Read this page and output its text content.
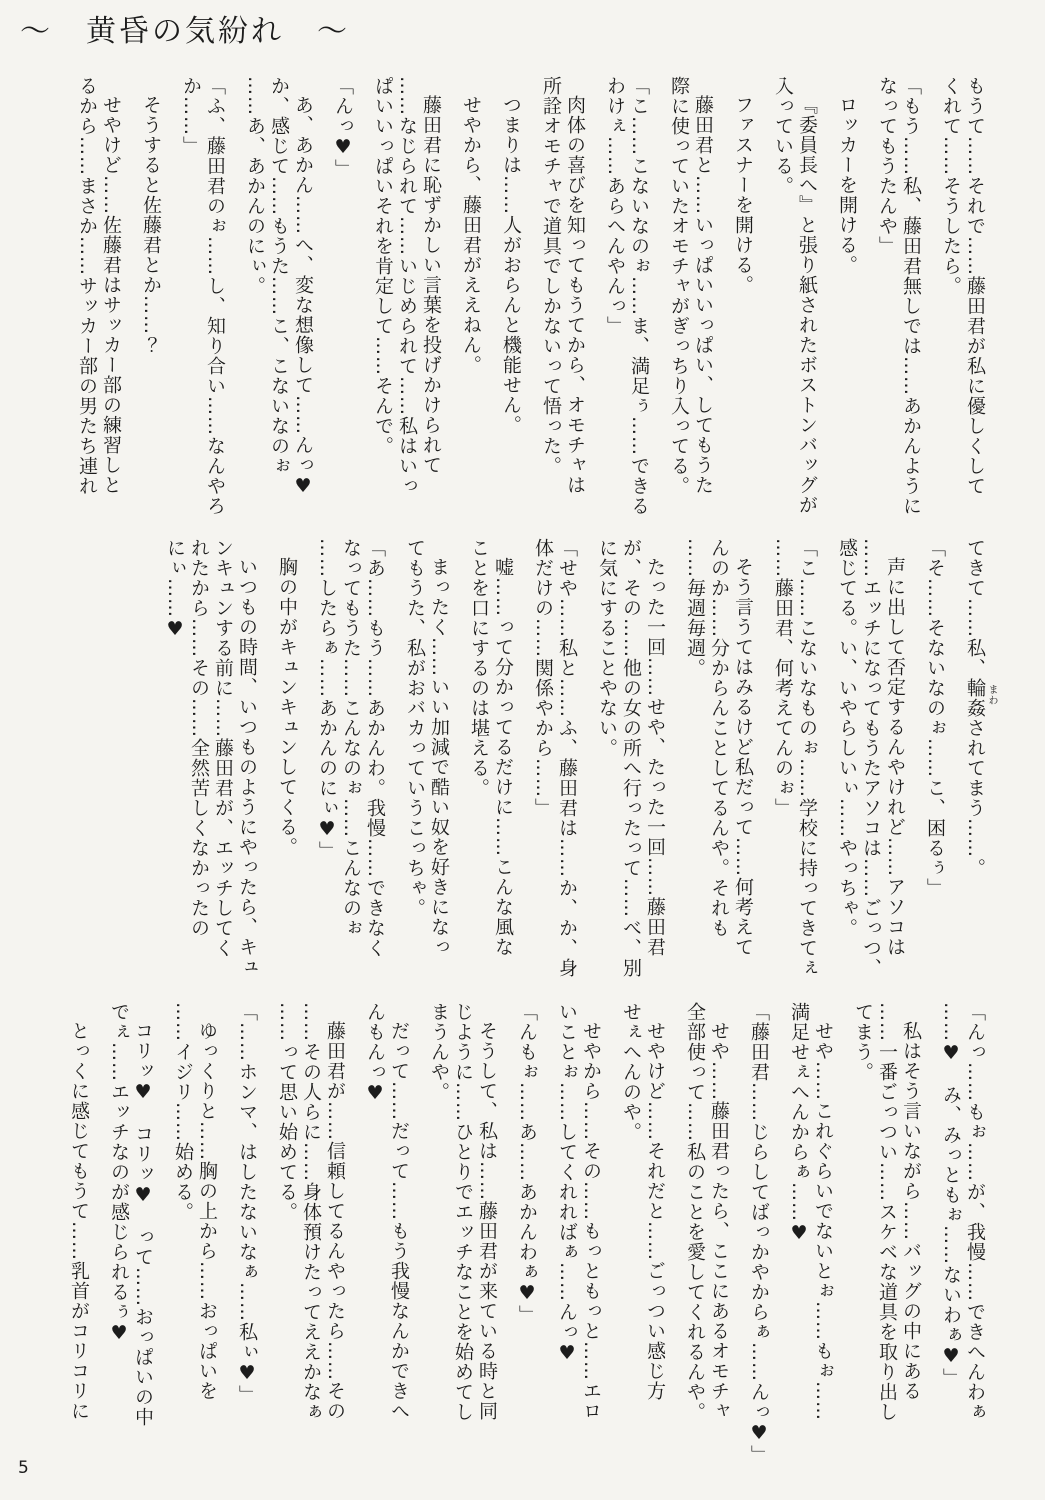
～　黄昏の気紛れ　～
もうて……それで……藤田君が私に優しくして
くれて……そうしたら。
「もう……私、藤田君無しでは……あかんように
なってもうたんや」
ロッカーを開ける。
『委員長へ』と張り紙されたボストンバッグが
入っている。
ファスナーを開ける。
藤田君と……いっぱいいっぱい、してもうた
際に使っていたオモチャがぎっちり入ってる。
「こ……こないなのぉ……ま、満足ぅ……できる
わけぇ……あらへんやんっ」
肉体の喜びを知ってもうてから、オモチャは
所詮オモチャで道具でしかないって悟った。
つまりは……人がおらんと機能せん。
せやから、藤田君がええねん。
藤田君に恥ずかしい言葉を投げかけられて
……なじられて……いじめられて……私はいっ
ぱいいっぱいそれを肯定して……そんで。
「んっ♥」
あ、あかん……へ、変な想像して……んっ♥
か、感じて……もうた……こ、こないなのぉ
……あ、あかんのにぃ。
「ふ、藤田君のぉ……し、知り合い……なんやろ
か……」
そうすると佐藤君とか……？
せやけど……佐藤君はサッカー部の練習しと
るから……まさか……サッカー部の男たち連れ
てきて……私、輪姦されてまう……。
「そ……そないなのぉ……こ、困るぅ」
声に出して否定するんやけれど……アソコは
……エッチになってもうたアソコは……ごっつ、
感じてる。い、いやらしいぃ……やっちゃ。
「こ……こないなものぉ……学校に持ってきてぇ
……藤田君、何考えてんのぉ」
そう言うてはみるけど私だって……何考えて
んのか……分からんことしてるんや。それも
……毎週毎週。
たった一回……せや、たった一回……藤田君
が、その……他の女の所へ行ったって……べ、別
に気にすることやない。
「せや……私と……ふ、藤田君は……か、か、身
体だけの……関係やから……」
嘘……って分かってるだけに……こんな風な
ことを口にするのは堪える。
まったく……いい加減で酷い奴を好きになっ
てもうた、私がおバカっていうこっちゃ。
「あ……もう……あかんわ。我慢……できなく
なってもうた……こんなのぉ……こんなのぉ
……したらぁ……あかんのにぃ♥」
胸の中がキュンキュンしてくる。
いつもの時間、いつものようにやったら、キュ
ンキュンする前に……藤田君が、エッチしてく
れたから……その……全然苦しくなかったの
にぃ……♥
「んっ……もぉ……が、我慢……できへんわぁ
……♥　み、みっともぉ……ないわぁ♥」
私はそう言いながら……バッグの中にある
……一番ごっつい……スケベな道具を取り出し
てまう。
せや……これぐらいでないとぉ……もぉ……
満足せぇへんからぁ……♥
「藤田君……じらしてばっかやからぁ……んっ♥」
せや……藤田君ったら、ここにあるオモチャ
全部使って……私のことを愛してくれるんや。
せやけど……それだと……ごっつい感じ方
せぇへんのや。
せやから……その……もっともっと……エロ
いことぉ……してくれればぁ……んっ♥
「んもぉ……あ……あかんわぁ♥」
そうして、私は……藤田君が来ている時と同
じように……ひとりでエッチなことを始めてし
まうんや。
だって……だって……もう我慢なんかできへ
んもんっ♥
藤田君が……信頼してるんやったら……その
……その人らに……身体預けたってええかなぁ
……って思い始めてる。
「……ホンマ、はしたないなぁ……私ぃ♥」
ゆっくりと……胸の上から……おっぱいを
……イジリ……始める。
コリッ♥　コリッ♥　って……おっぱいの中
でぇ……エッチなのが感じられるぅ♥
とっくに感じてもうて……乳首がコリコリに
まわ
5
